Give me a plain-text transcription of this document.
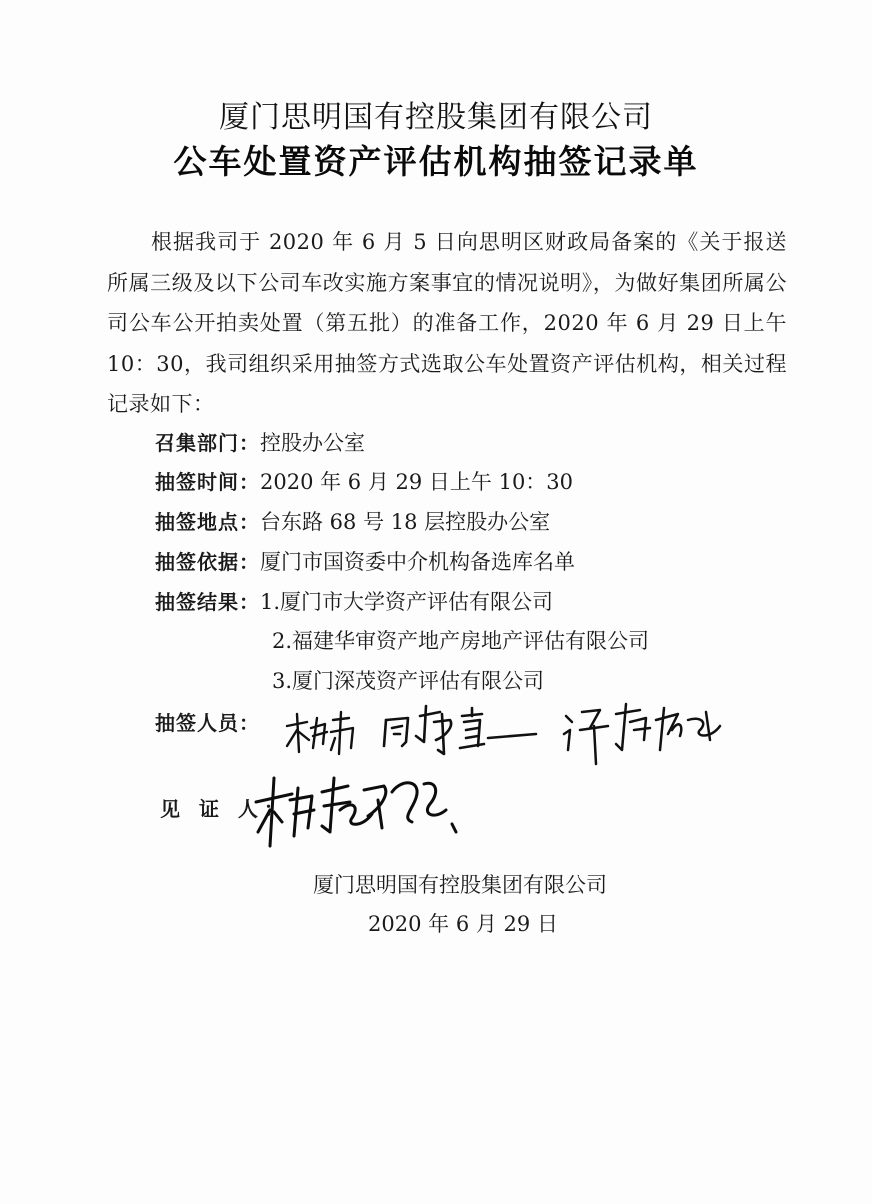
厦门思明国有控股集团有限公司
公车处置资产评估机构抽签记录单
根据我司于 2020 年 6 月 5 日向思明区财政局备案的《关于报送所属三级及以下公司车改实施方案事宜的情况说明》，为做好集团所属公司公车公开拍卖处置（第五批）的准备工作，2020 年 6 月 29 日上午 10：30，我司组织采用抽签方式选取公车处置资产评估机构，相关过程记录如下：
召集部门：控股办公室
抽签时间：2020 年 6 月 29 日上午 10：30
抽签地点：台东路 68 号 18 层控股办公室
抽签依据：厦门市国资委中介机构备选库名单
抽签结果：1.厦门市大学资产评估有限公司
2.福建华审资产地产房地产评估有限公司
3.厦门深茂资产评估有限公司
抽签人员：
见 证 人：
厦门思明国有控股集团有限公司
2020 年 6 月 29 日
